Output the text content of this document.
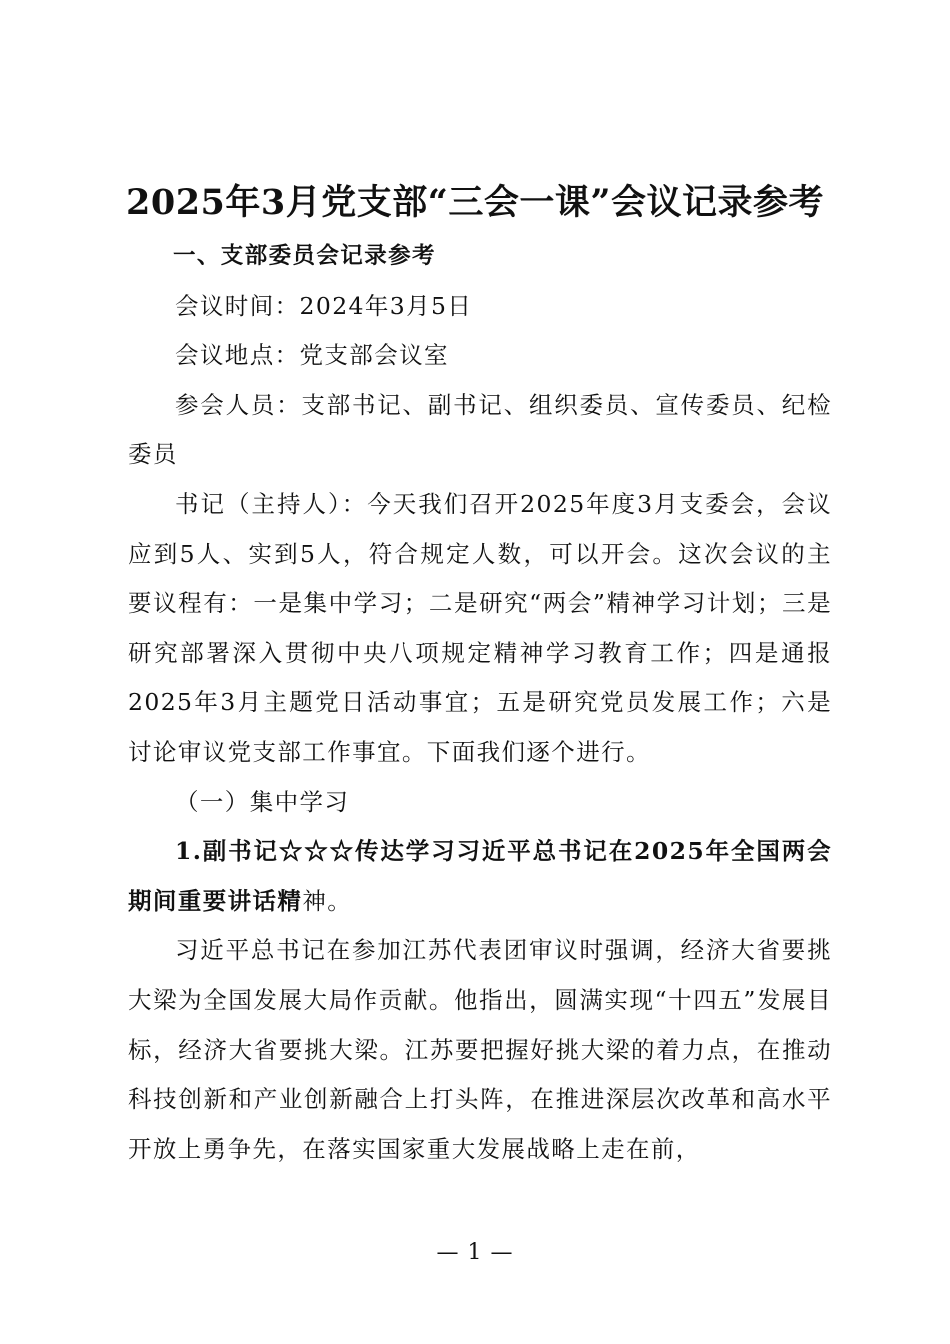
2025年3月党支部“三会一课”会议记录参考

一、支部委员会记录参考

会议时间：2024年3月5日

会议地点：党支部会议室

参会人员：支部书记、副书记、组织委员、宣传委员、纪检委员

书记（主持人）：今天我们召开2025年度3月支委会，会议应到5人、实到5人，符合规定人数，可以开会。这次会议的主要议程有：一是集中学习；二是研究“两会”精神学习计划；三是研究部署深入贯彻中央八项规定精神学习教育工作；四是通报2025年3月主题党日活动事宜；五是研究党员发展工作；六是讨论审议党支部工作事宜。下面我们逐个进行。

（一）集中学习

1.副书记☆☆☆传达学习习近平总书记在2025年全国两会期间重要讲话精神。

习近平总书记在参加江苏代表团审议时强调，经济大省要挑大梁为全国发展大局作贡献。他指出，圆满实现“十四五”发展目标，经济大省要挑大梁。江苏要把握好挑大梁的着力点，在推动科技创新和产业创新融合上打头阵，在推进深层次改革和高水平开放上勇争先，在落实国家重大发展战略上走在前，

— 1 —
